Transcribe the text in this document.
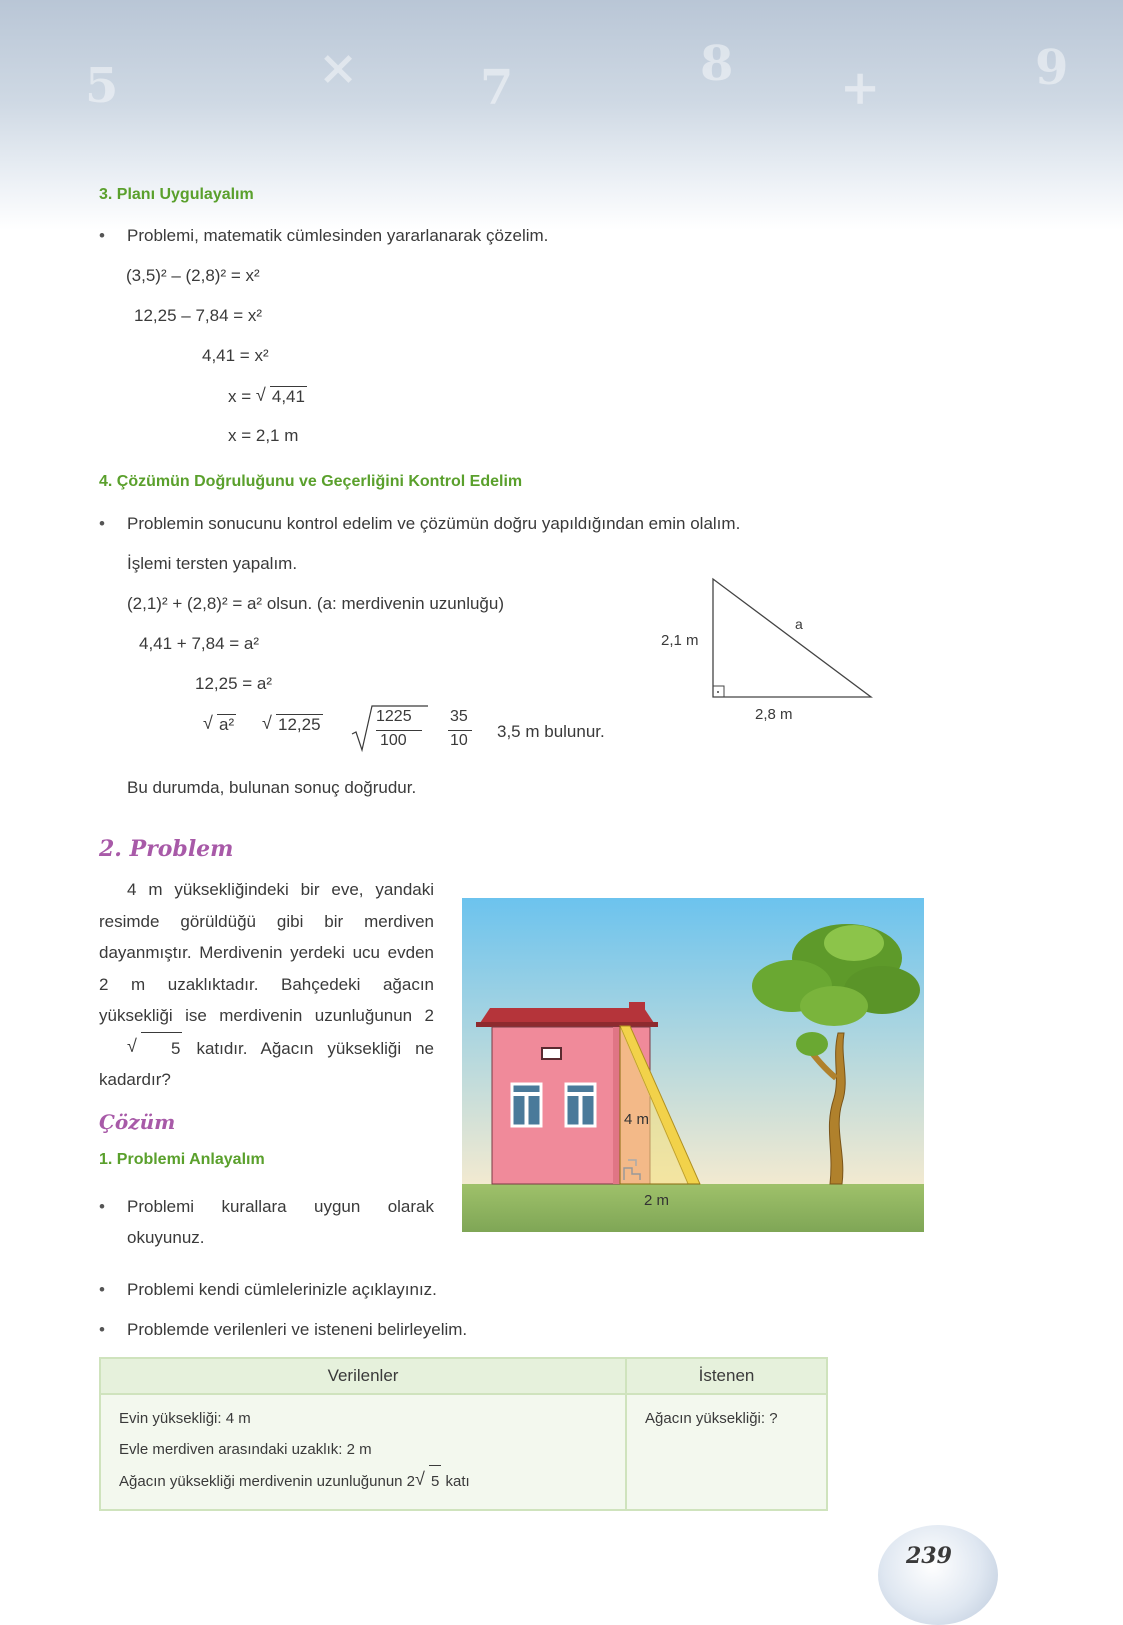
5	×	7	8 +	9
3. Planı Uygulayalım
• Problemi, matematik cümlesinden yararlanarak çözelim.
(3,5)² – (2,8)² = x²
12,25 – 7,84 = x²
4,41 = x²
x = √ 4,41
x = 2,1 m
4. Çözümün Doğruluğunu ve Geçerliğini Kontrol Edelim
• Problemin sonucunu kontrol edelim ve çözümün doğru yapıldığından emin olalım.
İşlemi tersten yapalım.
(2,1)² + (2,8)² = a² olsun. (a: merdivenin uzunluğu)
4,41 + 7,84 = a²
12,25 = a²
√ a²	√ 12,25	1225
100
35
10 3,5 m bulunur.
Bu durumda, bulunan sonuç doğrudur.
2,1 m
a
2,8 m
2. Problem
4 m yüksekliğindeki bir eve, yandaki resimde görüldüğü gibi bir merdiven dayanmıştır. Merdivenin yerdeki ucu evden 2 m uzaklıktadır. Bahçedeki ağacın yüksekliği ise merdivenin uzunluğunun 2√ 5 katıdır. Ağacın yüksekliği ne kadardır?
4 m
2 m
Çözüm
1. Problemi Anlayalım
• Problemi kurallara uygun olarak okuyunuz.
• Problemi kendi cümlelerinizle açıklayınız.
• Problemde verilenleri ve isteneni belirleyelim.
Verilenler	İstenen

Evin yüksekliği: 4 m
Evle merdiven arasındaki uzaklık: 2 m
Ağacın yüksekliği merdivenin uzunluğunun 2 √ 5 katı	Ağacın yüksekliği: ?
239
